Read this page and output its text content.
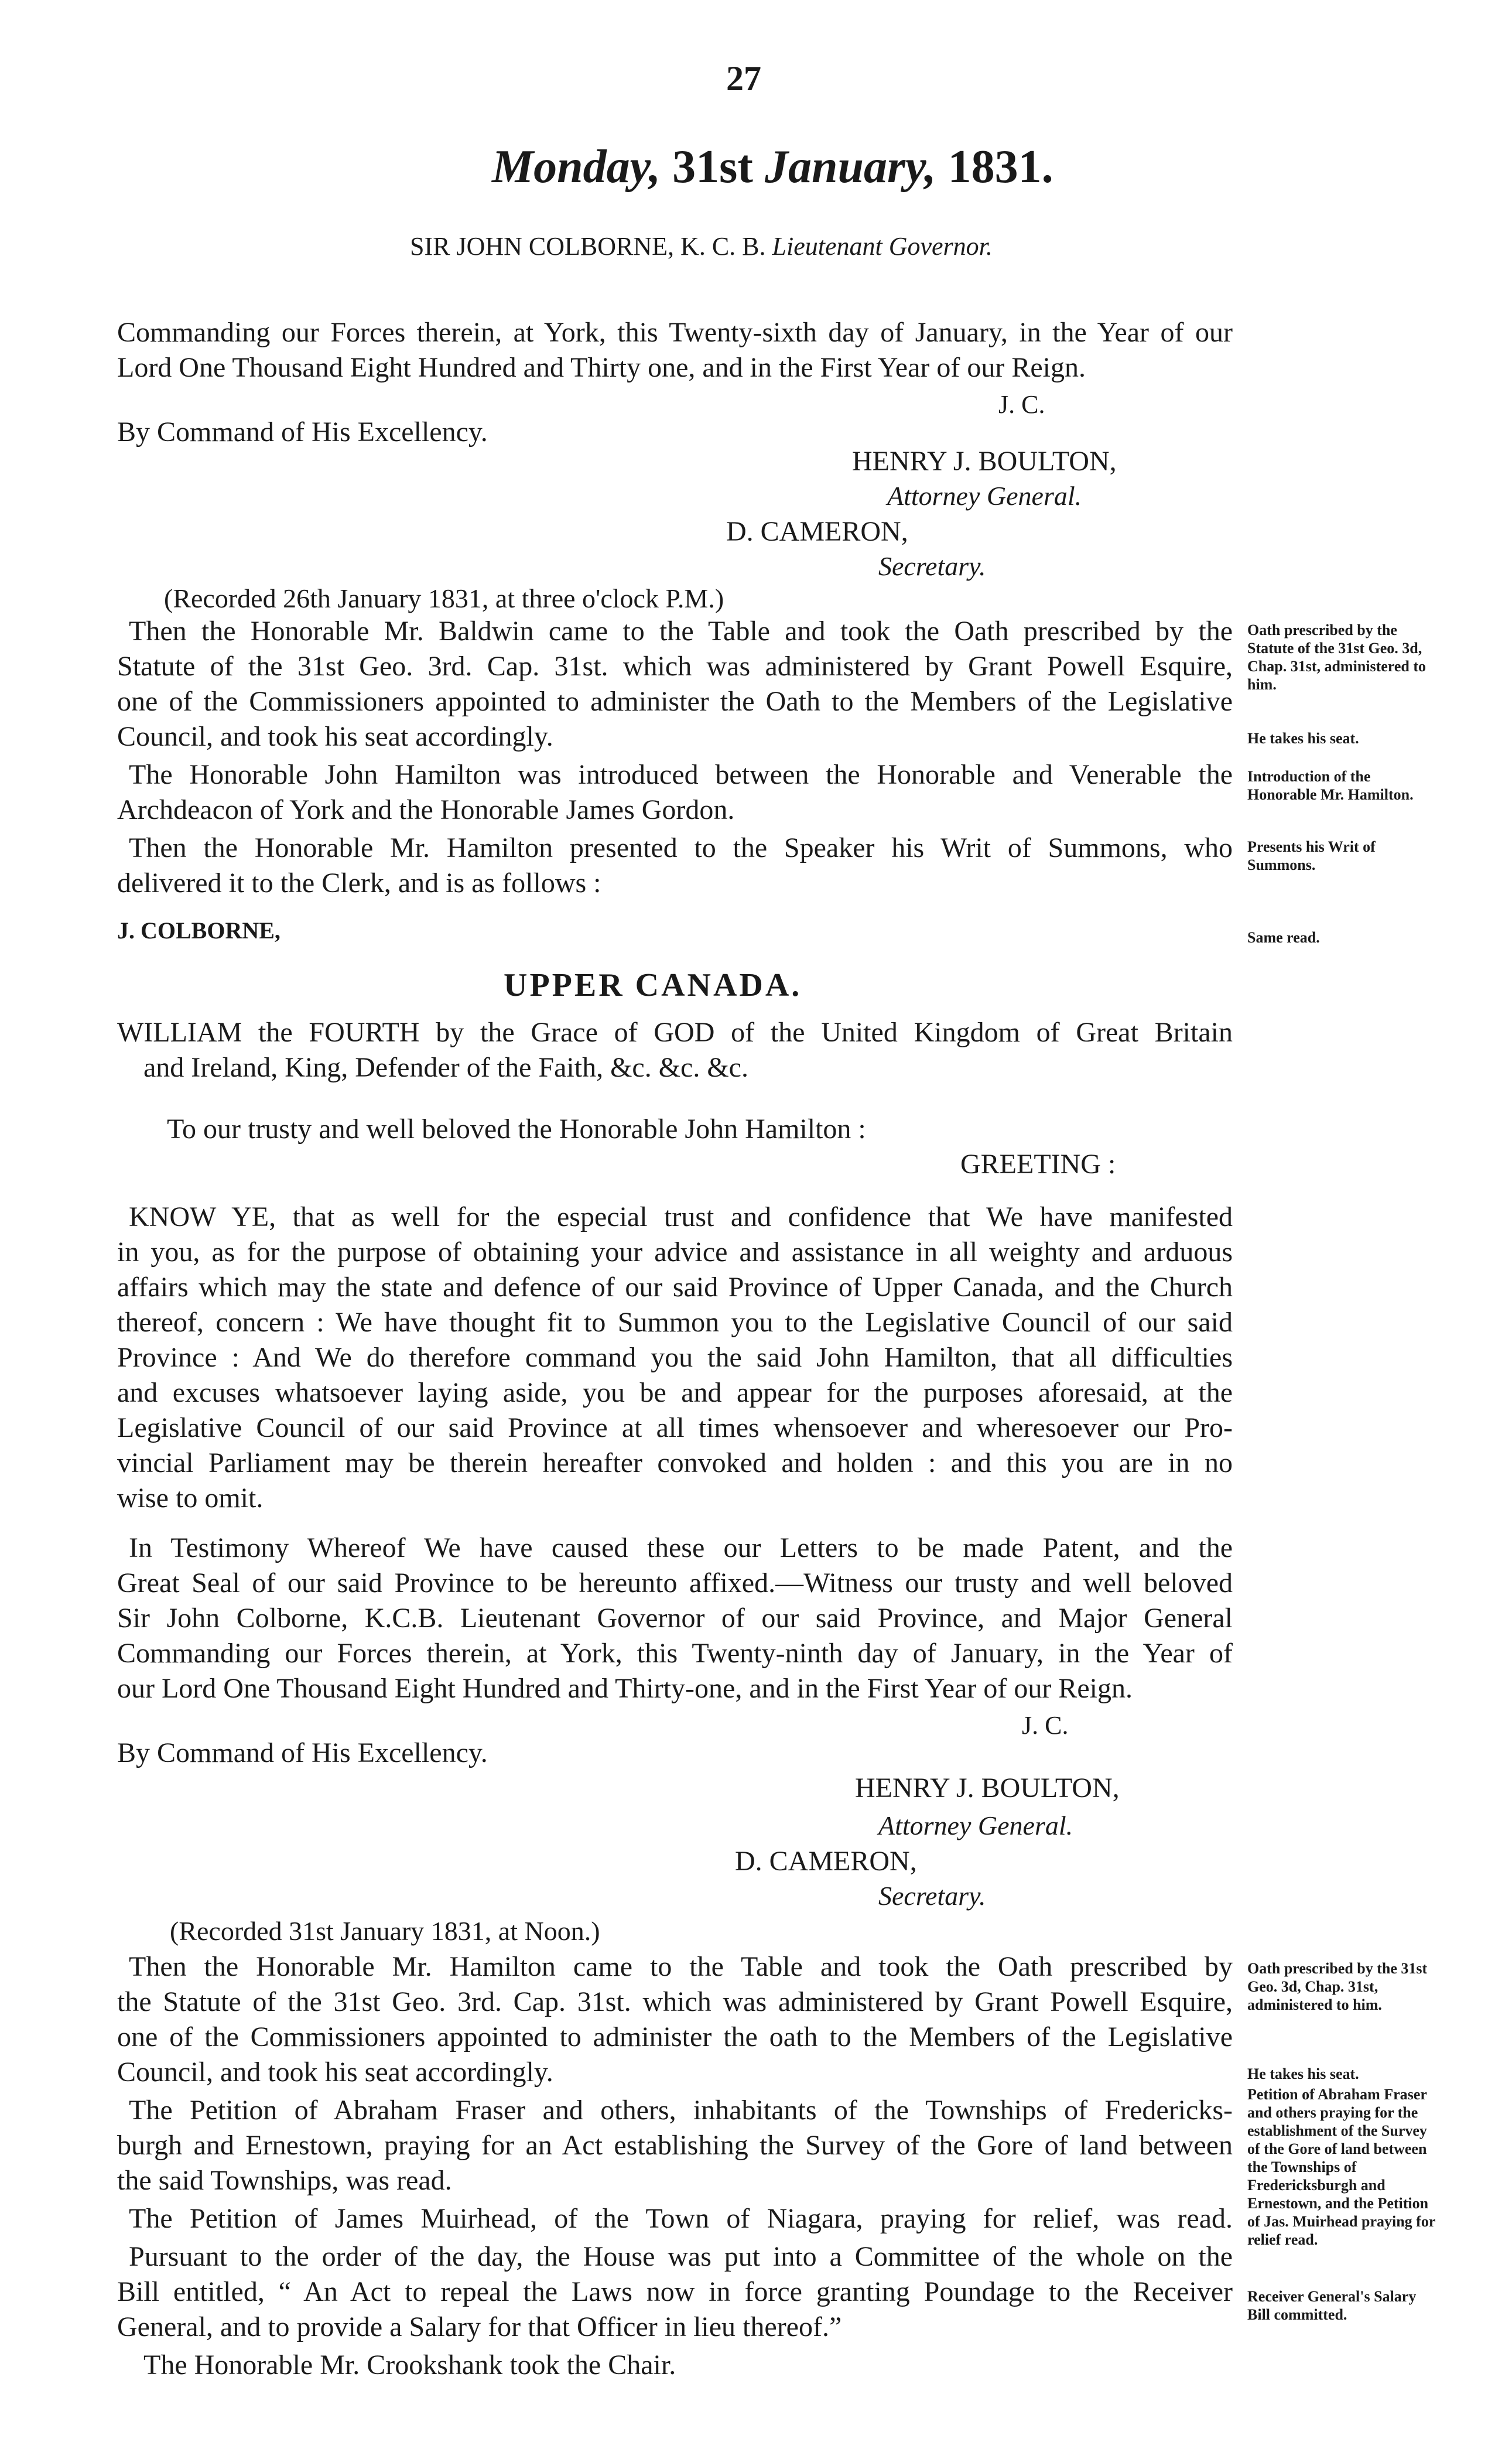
27
Monday, 31st January, 1831.
SIR JOHN COLBORNE, K. C. B. Lieutenant Governor.
Commanding our Forces therein, at York, this Twenty-sixth day of January, in the Year of our
Lord One Thousand Eight Hundred and Thirty one, and in the First Year of our Reign.
J. C.
By Command of His Excellency.
HENRY J. BOULTON,
Attorney General.
D. CAMERON,
Secretary.
(Recorded 26th January 1831, at three o'clock P.M.)
Then the Honorable Mr. Baldwin came to the Table and took the Oath prescribed by the
Statute of the 31st Geo. 3rd. Cap. 31st. which was administered by Grant Powell Esquire,
one of the Commissioners appointed to administer the Oath to the Members of the Legislative
Council, and took his seat accordingly.
The Honorable John Hamilton was introduced between the Honorable and Venerable the
Archdeacon of York and the Honorable James Gordon.
Then the Honorable Mr. Hamilton presented to the Speaker his Writ of Summons, who
delivered it to the Clerk, and is as follows :
J. COLBORNE,
UPPER CANADA.
WILLIAM the FOURTH by the Grace of GOD of the United Kingdom of Great Britain
and Ireland, King, Defender of the Faith, &c. &c. &c.
To our trusty and well beloved the Honorable John Hamilton :
GREETING :
KNOW YE, that as well for the especial trust and confidence that We have manifested
in you, as for the purpose of obtaining your advice and assistance in all weighty and arduous
affairs which may the state and defence of our said Province of Upper Canada, and the Church
thereof, concern : We have thought fit to Summon you to the Legislative Council of our said
Province : And We do therefore command you the said John Hamilton, that all difficulties
and excuses whatsoever laying aside, you be and appear for the purposes aforesaid, at the
Legislative Council of our said Province at all times whensoever and wheresoever our Pro-
vincial Parliament may be therein hereafter convoked and holden : and this you are in no
wise to omit.
In Testimony Whereof We have caused these our Letters to be made Patent, and the
Great Seal of our said Province to be hereunto affixed.—Witness our trusty and well beloved
Sir John Colborne, K.C.B. Lieutenant Governor of our said Province, and Major General
Commanding our Forces therein, at York, this Twenty-ninth day of January, in the Year of
our Lord One Thousand Eight Hundred and Thirty-one, and in the First Year of our Reign.
J. C.
By Command of His Excellency.
HENRY J. BOULTON,
Attorney General.
D. CAMERON,
Secretary.
(Recorded 31st January 1831, at Noon.)
Then the Honorable Mr. Hamilton came to the Table and took the Oath prescribed by
the Statute of the 31st Geo. 3rd. Cap. 31st. which was administered by Grant Powell Esquire,
one of the Commissioners appointed to administer the oath to the Members of the Legislative
Council, and took his seat accordingly.
The Petition of Abraham Fraser and others, inhabitants of the Townships of Fredericks-
burgh and Ernestown, praying for an Act establishing the Survey of the Gore of land between
the said Townships, was read.
The Petition of James Muirhead, of the Town of Niagara, praying for relief, was read.
Pursuant to the order of the day, the House was put into a Committee of the whole on the
Bill entitled, “ An Act to repeal the Laws now in force granting Poundage to the Receiver
General, and to provide a Salary for that Officer in lieu thereof.”
The Honorable Mr. Crookshank took the Chair.
Oath prescribed by the Statute of the 31st Geo. 3d, Chap. 31st, administered to him.
He takes his seat.
Introduction of the Honorable Mr. Hamilton.
Presents his Writ of Summons.
Same read.
Oath prescribed by the 31st Geo. 3d, Chap. 31st, administered to him.
He takes his seat.
Petition of Abraham Fraser and others praying for the establishment of the Survey of the Gore of land between the Townships of Fredericksburgh and Ernestown, and the Petition of Jas. Muirhead praying for relief read.
Receiver General's Salary Bill committed.
